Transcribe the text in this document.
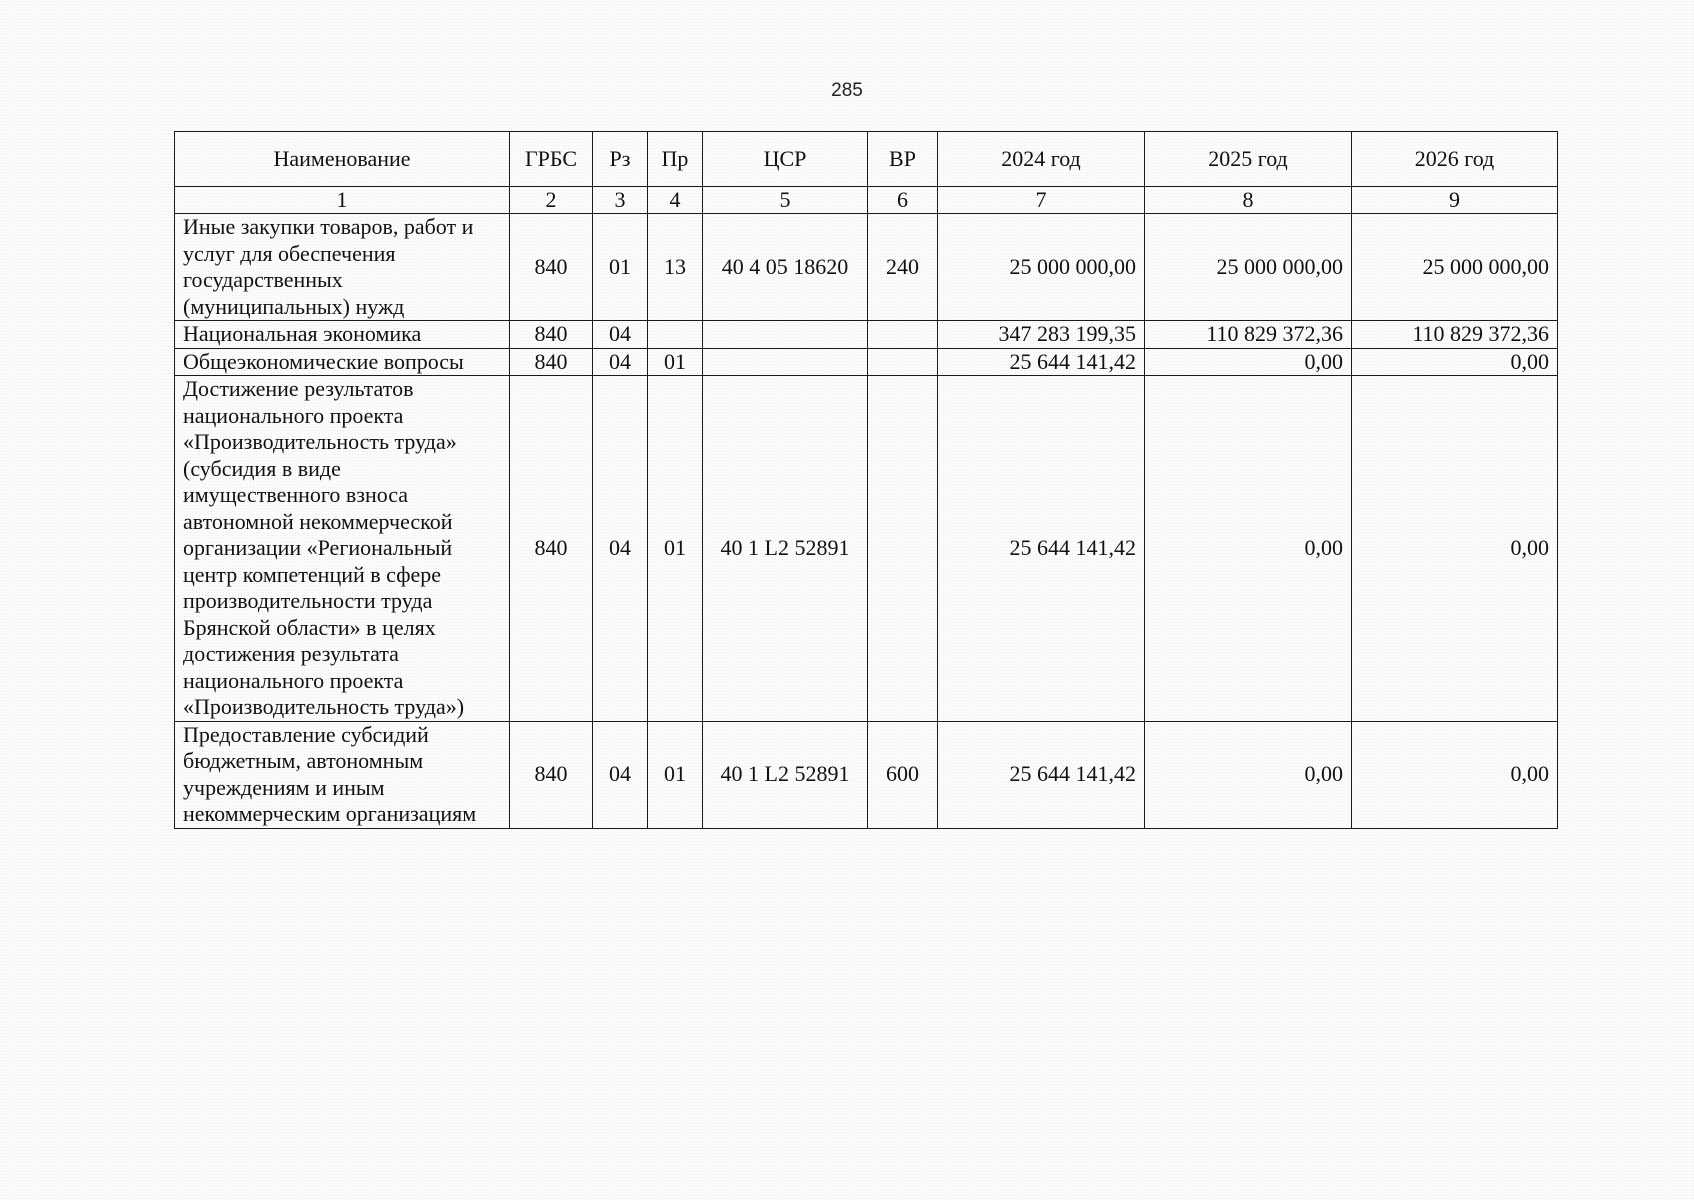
285
Наименование	ГРБС	Рз	Пр	ЦСР	ВР	2024 год	2025 год	2026 год
1	2	3	4	5	6	7	8	9
Иные закупки товаров, работ и услуг для обеспечения государственных (муниципальных) нужд	840	01	13	40 4 05 18620	240	25 000 000,00	25 000 000,00	25 000 000,00
Национальная экономика	840	04				347 283 199,35	110 829 372,36	110 829 372,36
Общеэкономические вопросы	840	04	01			25 644 141,42	0,00	0,00
Достижение результатов национального проекта «Производительность труда» (субсидия в виде имущественного взноса автономной некоммерческой организации «Региональный центр компетенций в сфере производительности труда Брянской области» в целях достижения результата национального проекта «Производительность труда»)	840	04	01	40 1 L2 52891		25 644 141,42	0,00	0,00
Предоставление субсидий бюджетным, автономным учреждениям и иным некоммерческим организациям	840	04	01	40 1 L2 52891	600	25 644 141,42	0,00	0,00
